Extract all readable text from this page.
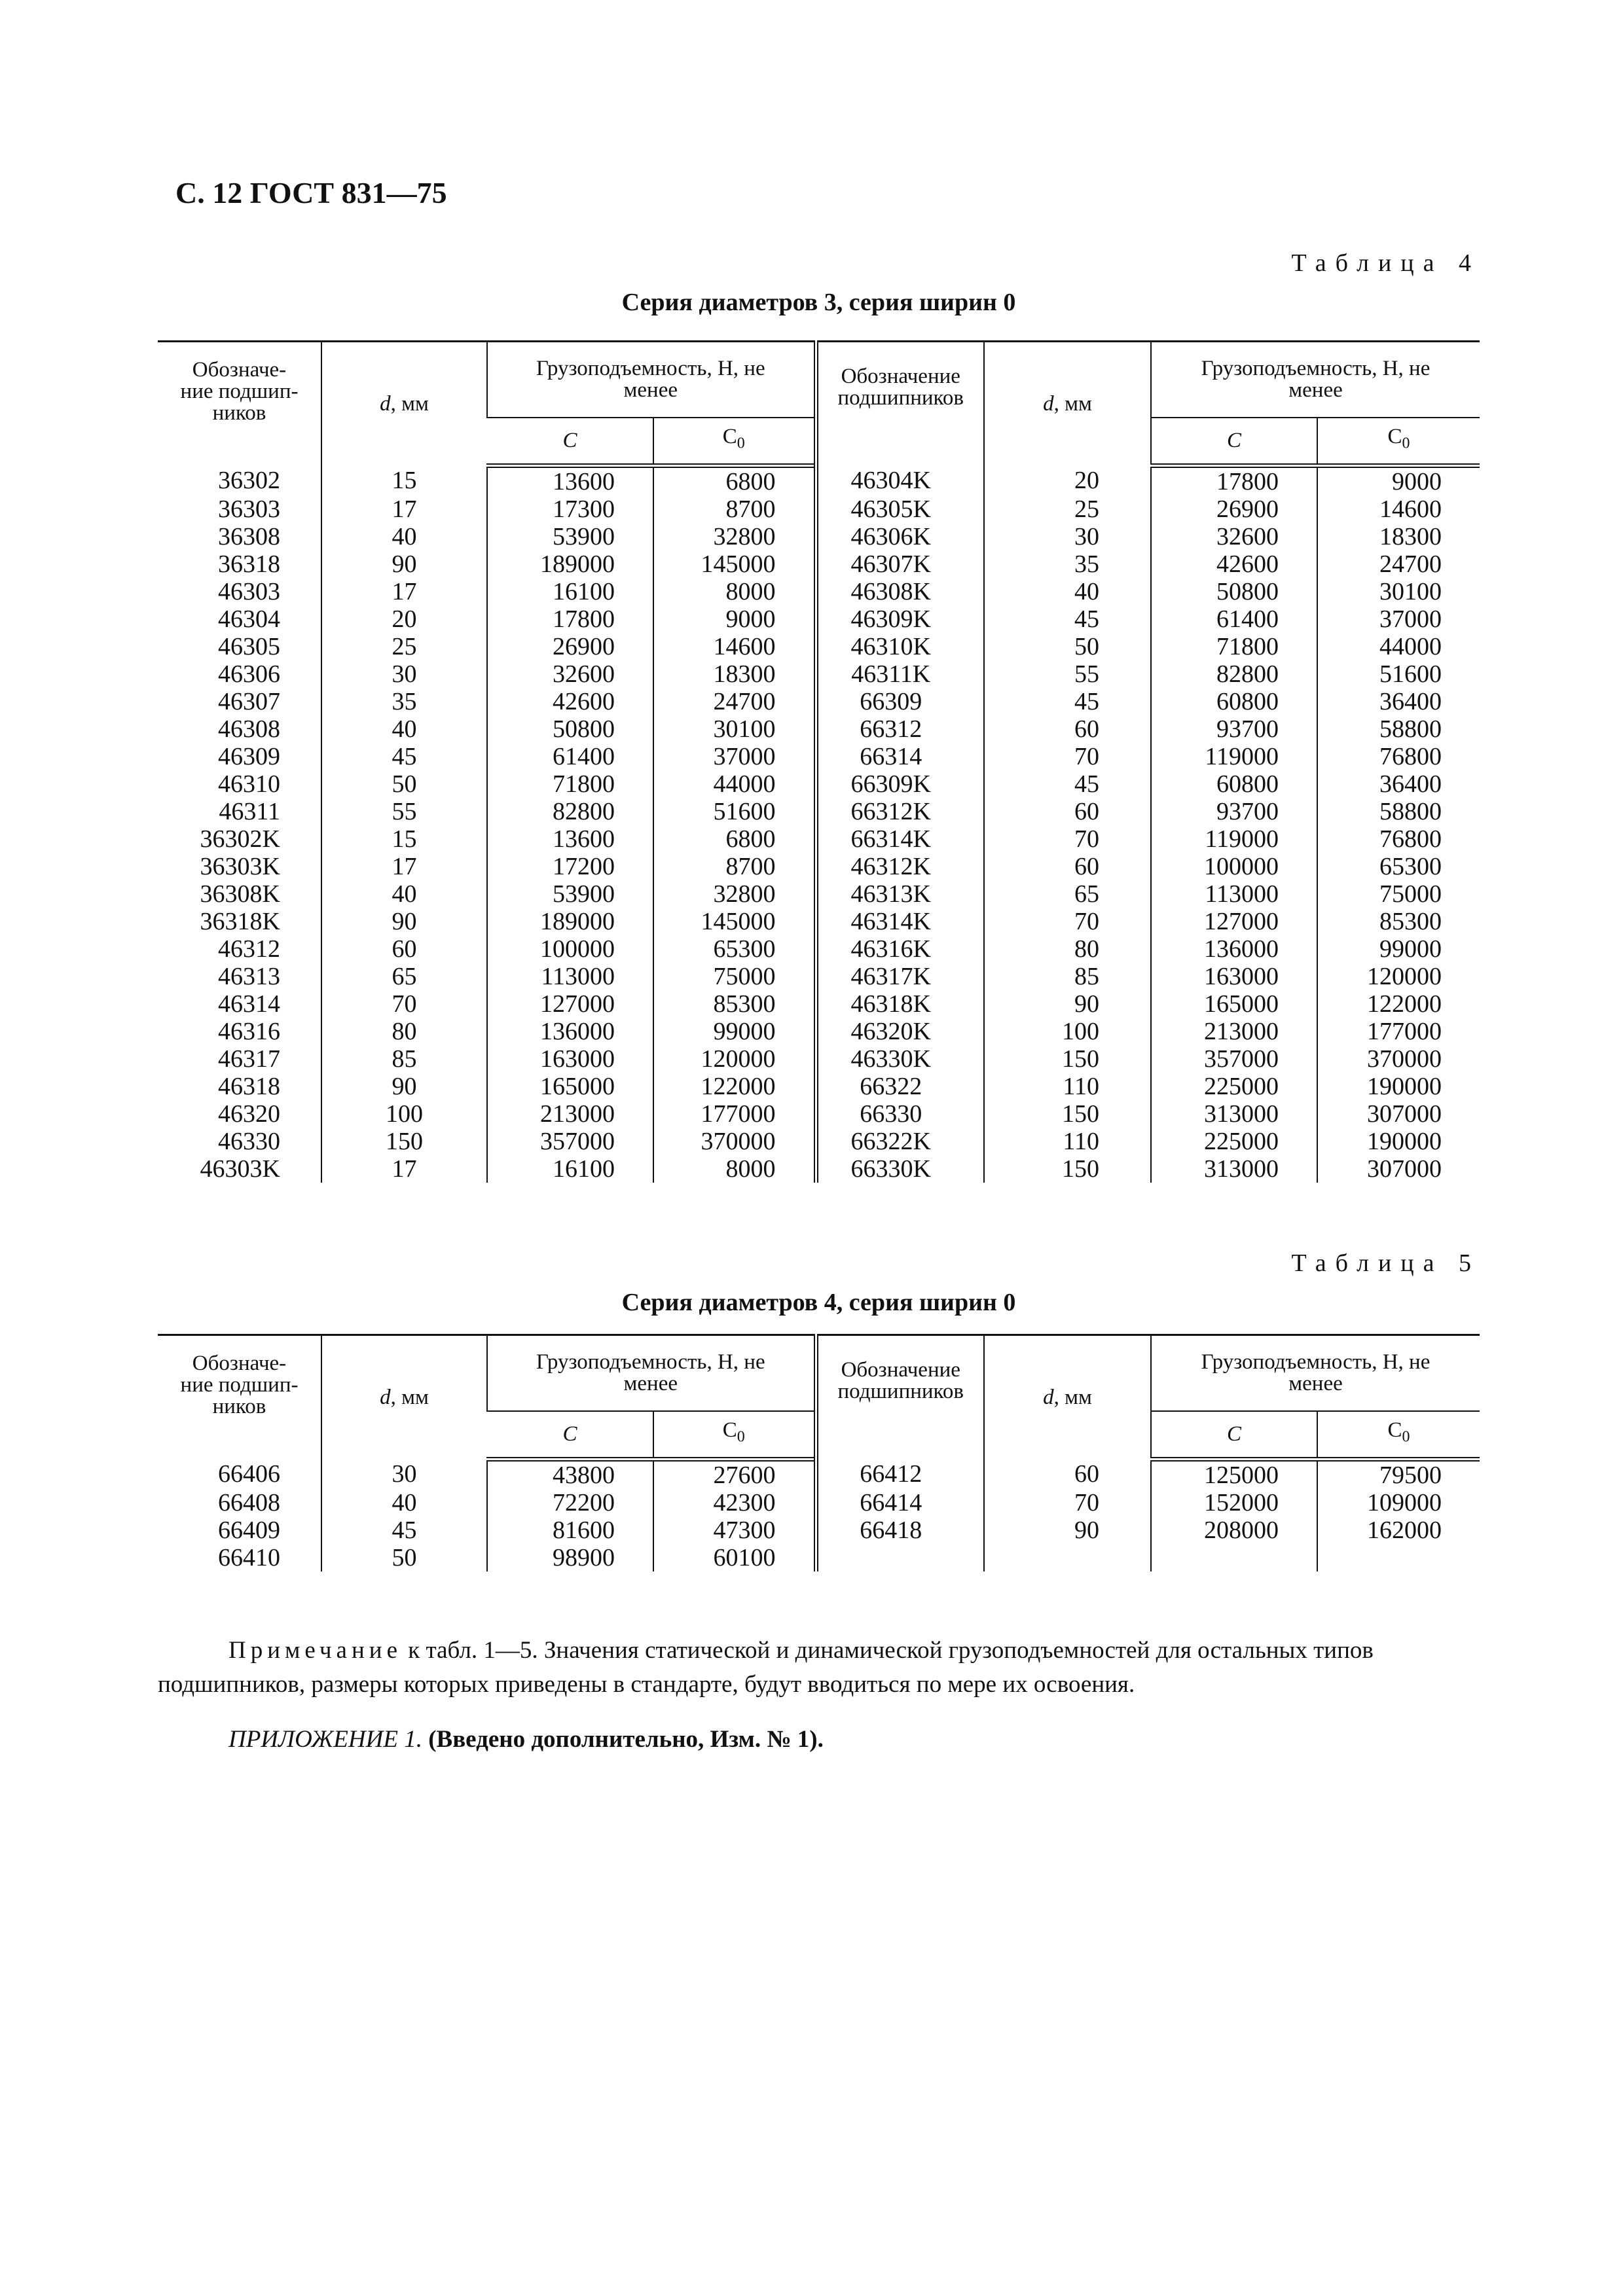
С. 12 ГОСТ 831—75
Таблица 4
Серия диаметров 3, серия ширин 0
Обозначе-
ние подшип-
ников	d, мм	Грузоподъемность, Н, не
менее		Обозначение
подшипников	d, мм	Грузоподъемность, Н, не
менее	
		C	$C_0$			C	$C_0$
36302	15	13600	6800	46304K	20	17800	9000
36303	17	17300	8700	46305K	25	26900	14600
36308	40	53900	32800	46306K	30	32600	18300
36318	90	189000	145000	46307K	35	42600	24700
46303	17	16100	8000	46308K	40	50800	30100
46304	20	17800	9000	46309K	45	61400	37000
46305	25	26900	14600	46310K	50	71800	44000
46306	30	32600	18300	46311K	55	82800	51600
46307	35	42600	24700	66309	45	60800	36400
46308	40	50800	30100	66312	60	93700	58800
46309	45	61400	37000	66314	70	119000	76800
46310	50	71800	44000	66309K	45	60800	36400
46311	55	82800	51600	66312K	60	93700	58800
36302K	15	13600	6800	66314K	70	119000	76800
36303K	17	17200	8700	46312K	60	100000	65300
36308K	40	53900	32800	46313K	65	113000	75000
36318K	90	189000	145000	46314K	70	127000	85300
46312	60	100000	65300	46316K	80	136000	99000
46313	65	113000	75000	46317K	85	163000	120000
46314	70	127000	85300	46318K	90	165000	122000
46316	80	136000	99000	46320K	100	213000	177000
46317	85	163000	120000	46330K	150	357000	370000
46318	90	165000	122000	66322	110	225000	190000
46320	100	213000	177000	66330	150	313000	307000
46330	150	357000	370000	66322K	110	225000	190000
46303K	17	16100	8000	66330K	150	313000	307000
Таблица 5
Серия диаметров 4, серия ширин 0
Обозначе-
ние подшип-
ников	d, мм	Грузоподъемность, Н, не
менее		Обозначение
подшипников	d, мм	Грузоподъемность, Н, не
менее	
		C	$C_0$			C	$C_0$
66406	30	43800	27600	66412	60	125000	79500
66408	40	72200	42300	66414	70	152000	109000
66409	45	81600	47300	66418	90	208000	162000
66410	50	98900	60100				
Примечание к табл. 1—5. Значения статической и динамической грузоподъемностей для остальных типов подшипников, размеры которых приведены в стандарте, будут вводиться по мере их освоения.
ПРИЛОЖЕНИЕ 1. (Введено дополнительно, Изм. № 1).
